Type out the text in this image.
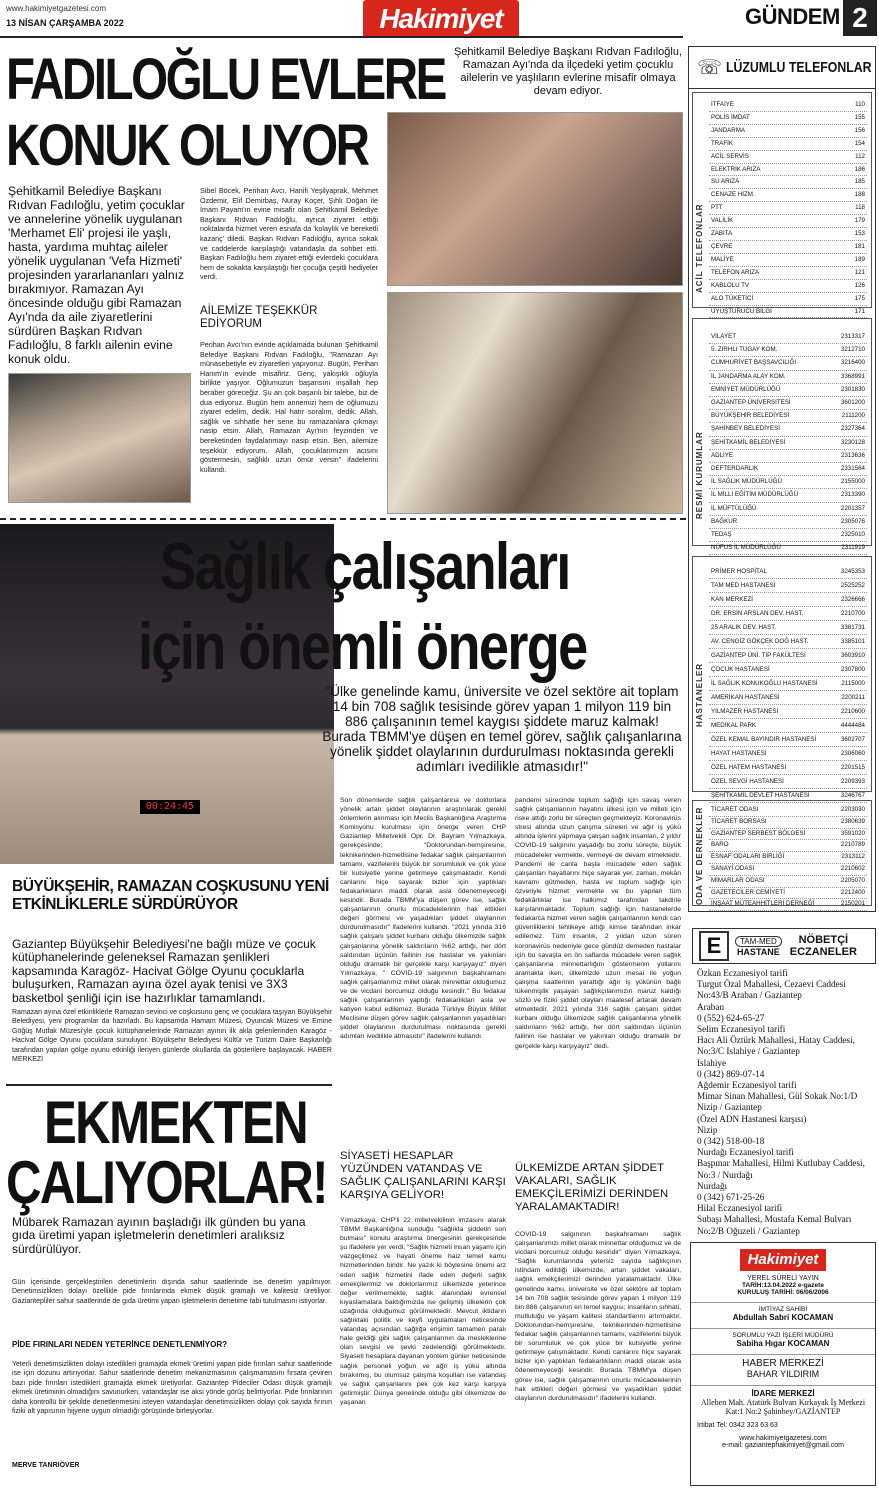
www.hakimiyetgazetesi.com
13 NİSAN ÇARŞAMBA 2022	Hakimiyet	GÜNDEM 2
FADILOĞLU EVLERE
KONUK OLUYOR
Şehitkamil Belediye Başkanı Rıdvan Fadıloğlu, Ramazan Ayı'nda da ilçedeki yetim çocuklu ailelerin ve yaşlıların evlerine misafir olmaya devam ediyor.
Şehitkamil Belediye Başkanı Rıdvan Fadıloğlu, yetim çocuklar ve annelerine yönelik uygulanan 'Merhamet Eli' projesi ile yaşlı, hasta, yardıma muhtaç aileler yönelik uygulanan 'Vefa Hizmeti' projesinden yararlananları yalnız bırakmıyor. Ramazan Ayı öncesinde olduğu gibi Ramazan Ayı'nda da aile ziyaretlerini sürdüren Başkan Rıdvan Fadıloğlu, 8 farklı ailenin evine konuk oldu.
Sibel Böcek, Perihan Avcı, Hanifi Yeşilyaprak, Mehmet Özdemir, Elif Demirbaş, Nuray Koçer, Şıhlı Doğan ile İmam Payam'ın evine misafir olan Şehitkamil Belediye Başkanı Rıdvan Fadıloğlu, ayrıca ziyaret ettiği noktalarda hizmet veren esnafa da 'kolaylık ve bereketli kazanç' diledi. Başkan Rıdvan Fadıloğlu, ayrıca sokak ve caddelerde karşılaştığı vatandaşla da sohbet etti. Başkan Fadıloğlu hem ziyaret ettiği evlerdeki çocuklara hem de sokakta karşılaştığı her çocuğa çeşitli hediyeler verdi.
AİLEMİZE TEŞEKKÜR EDİYORUM
Perihan Avcı'nın evinde açıklamada bulunan Şehitkamil Belediye Başkanı Rıdvan Fadıloğlu, "Ramazan Ayı münasebetiyle ev ziyaretleri yapıyoruz. Bugün, Perihan Hanım'ın evinde misafiriz. Genç, yakışıklı oğluyla birlikte yaşıyor. Oğlumuzun başarısını inşallah hep beraber göreceğiz. Şu an çok başarılı bir talebe, biz de dua ediyoruz. Bugün hem annemizi hem de oğlumuzu ziyaret edelim, dedik. Hal hatır soralım, dedik. Allah, sağlık ve sıhhatle her sene bu ramazanlara çıkmayı nasip etsin. Allah, Ramazan Ayı'nın feyzinden ve bereketinden faydalanmayı nasip etsin. Ben, ailemize teşekkür ediyorum. Allah, çocuklarımızın acısını göstermesin, sağlıklı uzun ömür versin" ifadelerini kullandı.
00:24:45
Sağlık çalışanları
için önemli önerge
"Ülke genelinde kamu, üniversite ve özel sektöre ait toplam 14 bin 708 sağlık tesisinde görev yapan 1 milyon 119 bin 886 çalışanının temel kaygısı şiddete maruz kalmak! Burada TBMM'ye düşen en temel görev, sağlık çalışanlarına yönelik şiddet olaylarının durdurulması noktasında gerekli adımları ivedilikle atmasıdır!"
Son dönemlerde sağlık çalışanlarına ve doktorlara yönelik artan şiddet olaylarının araştırılarak gerekli önlemlerin alınması için Meclis Başkanlığına Araştırma Komisyonu kurulması için önerge veren CHP Gaziantep Milletvekili Opr. Dr. Bayram Yılmazkaya, gerekçesinde; "Doktorundan-hemşiresine, teknikerinden-hizmetlisine fedakar sağlık çalışanlarının tamamı, vazifelerini büyük bir sorumluluk ve çok yüce bir kutsiyetle yerine getirmeye çalışmaktadır. Kendi canlarını hiçe sayarak bizler için yaptıkları fedakarlıkların maddi olarak asla ödenemeyeceği kesindir. Burada TBMM'ya düşen görev ise, sağlık çalışanlarının onurlu mücadelelerinin hak ettikleri değeri görmesi ve yaşadıkları şiddet olaylarının durdurulmasıdır" ifadelerini kullandı. "2021 yılında 316 sağlık çalışanı şiddet kurbanı olduğu ülkemizde sağlık çalışanlarına yönelik saldırıların %62 arttığı, her dört saldırıdan üçünün failinin ise hastalar ve yakınları olduğu dramatik bir gerçekle karşı karşıyayız" diyen Yılmazkaya, " COVID-19 salgınının başkahramanı sağlık çalışanlarımız millet olarak minnettar olduğumuz ve de vicdani borcumuz olduğu kesindir." Bu fedakar sağlık çalışanlarının yaptığı fedakarlıkları asla ve katiyen kabul edilemez. Burada Türkiye Büyük Millet Meclisine düşen görev sağlık çalışanlarının yaşadıkları şiddet olaylarının durdurulması noktasında gerekli adımları ivedilikle atmasıdır" ifadelerini kullandı.
SİYASETİ HESAPLAR YÜZÜNDEN VATANDAŞ VE SAĞLIK ÇALIŞANLARINI KARŞI KARŞIYA GELİYOR!
Yılmazkaya, CHP'li 22 milletvekilinin imzasını alarak TBMM Başkanlığına sunduğu "sağlıkta şiddetin son bulması" konulu araştırma önergesinin gerekçesinde şu ifadelere yer verdi; "Sağlık hizmeti insan yaşamı için vazgeçilmez ve hayati öneme haiz temel kamu hizmetlerinden biridir. Ne yazık ki böylesine önemi arz eden sağlık hizmetini ifade eden değerli sağlık emekçilerimiz ve doktorlarımız ülkemizde yeterince değer verilmemekte, sağlık alanındaki evrensel kıyaslamalara baktığımızda ise gelişmiş ülkelerin çok uzağında olduğumuz görülmektedir. Mevcut iktidarın sağlıktaki politik ve keyfi uygulamaları neticesinde vatandaş açısından sağlığa erişimin tamamen paralı hale geldiği gibi sağlık çalışanlarının da mesleklerine olan sevgisi ve şevki zedelendiği görülmektedir. Siyaseti hesaplara dayanan yöntem günler neticesinde sağlık personeli yoğun ve ağır iş yükü altında bırakılmış, bu olumsuz çalışma koşulları ise vatandaş ve sağlık çalışanlarını pek çok kez karşı karşıya getirmiştir. Dünya genelinde olduğu gibi ülkemizde de yaşanan
pandemi sürecinde toplum sağlığı için savaş veren sağlık çalışanlarının hayatını ülkesi için ve milleti için riske attığı zorlu bir süreçten geçmekteyiz. Koronavirüs stresi altında uzun çalışma süreleri ve ağır iş yükü altında işlerini yapmaya çalışan sağlık insanları, 2 yıldır COVID-19 salgınını yaşadığı bu zorlu süreçte, büyük mücadeleler vermekte, vermeye de devam etmektedir. Pandemi ile canla başla mücadele eden sağlık çalışanları hayatlarını hiçe sayarak yer, zaman, mekân kavramı gütmeden, hasta ve toplum sağlığı için özveriyle hizmet vermekte ve bu yapılan tüm fedakârlıklar ise halkımız tarafından takdirle karşılanmaktadır. Toplum sağlığı için hastanelerde fedakarca hizmet veren sağlık çalışanlarının kendi can güvenliklerini tehlikeye attığı kimse tarafından inkar edilemez. Tüm insanlık, 2 yıldan uzun süren koronavirüs nedeniyle gece gündüz demeden hastalar için bu savaşta en ön saflarda mücadele veren sağlık çalışanlarına minnettarlığını göstermenin yollarını aramakta iken, ülkemizde uzun mesai ile yoğun çalışma saatlerinin yarattığı ağır iş yükünün bağlı tükenmişlik yaşayan sağlıkçılarımızın maruz kaldığı sözlü ve fiziki şiddet olayları maalesef artarak devam etmektedir. 2021 yılında 316 sağlık çalışanı şiddet kurbanı olduğu ülkemizde sağlık çalışanlarına yönelik saldırıların %62 arttığı, her dört saldırıdan üçünün failinin ise hastalar ve yakınları olduğu dramatik bir gerçekle karşı karşıyayız" dedi.
ÜLKEMİZDE ARTAN ŞİDDET VAKALARI, SAĞLIK EMEKÇİLERİMİZİ DERİNDEN YARALAMAKTADIR!
COVID-19 salgınının başkahramanı sağlık çalışanlarımızı millet olarak minnettar olduğumuz ve de vicdani borcumuz olduğu kesindir" diyen Yılmazkaya, "Sağlık kurumlarında yetersiz sayıda sağlıkçının istihdam edildiği ülkemizde, artan şiddet vakaları, sağlık emekçilerimizi derinden yaralamaktadır. Ülke genelinde kamu, üniversite ve özel sektöre ait toplam 14 bin 708 sağlık tesisinde görev yapan 1 milyon 119 bin 886 çalışanının en temel kaygısı; insanların sıhhati, mutluluğu ve yaşam kalitesi standartlarını artırmaktır. Doktorundan-hemşiresine, teknikerinden-hizmetlisine fedakar sağlık çalışanlarının tamamı, vazifelerini büyük bir sorumluluk ve çok yüce bir kutsiyetle yerine getirmeye çalışmaktadır. Kendi canlarını hiçe sayarak bizler için yaptıkları fedakarlıkların maddi olarak asla ödenemeyeceği kesindir. Burada TBMM'ya düşen görev ise, sağlık çalışanlarının onurlu mücadelelerinin hak ettikleri değeri görmesi ve yaşadıkları şiddet olaylarının durdurulmasıdır" ifadelerini kullandı.
BÜYÜKŞEHİR, RAMAZAN COŞKUSUNU YENİ ETKİNLİKLERLE SÜRDÜRÜYOR
Gaziantep Büyükşehir Belediyesi'ne bağlı müze ve çocuk kütüphanelerinde geleneksel Ramazan şenlikleri kapsamında Karagöz- Hacivat Gölge Oyunu çocuklarla buluşurken, Ramazan ayına özel ayak tenisi ve 3X3 basketbol şenliği için ise hazırlıklar tamamlandı.
Ramazan ayına özel etkinliklerle Ramazan sevinci ve coşkusunu genç ve çocuklara taşıyan Büyükşehir Belediyesi, yeni programlar da hazırladı. Bu kapsamda Hamam Müzesi, Oyuncak Müzesi ve Emine Göğüş Mutfak Müzesi'yle çocuk kütüphanelerinde Ramazan ayının ilk akla gelenlerinden Karagöz - Hacivat Gölge Oyunu çocuklara sunuluyor. Büyükşehir Belediyesi Kültür ve Turizm Daire Başkanlığı tarafından yapılan gölge oyunu etkinliği ileriyen günlerde okullarda da gösterilere başlayacak. HABER MERKEZİ
EKMEKTEN
ÇALIYORLAR!
Mübarek Ramazan ayının başladığı ilk günden bu yana gıda üretimi yapan işletmelerin denetimleri aralıksız sürdürülüyor.
Gün içerisinde gerçekleştirilen denetimlerin dışında sahur saatlerinde ise denetim yapılmıyor. Denetimsizlikten dolayı özellikle pide fırınlarında ekmek düşük gramajlı ve kalitesiz üretiliyor. Gaziantepliler sahur saatlerinde de gıda üretimi yapan işletmelerin denetime tabi tutulmasını istiyorlar.
PİDE FIRINLARI NEDEN YETERİNCE DENETLENMİYOR?
Yeterli denetimsizlikten dolayı istedikleri gramajda ekmek üretimi yapan pide fırınları sahur saatlerinde ise için dozunu artırıyorlar. Sahur saatlerinde denetim mekanizmasının çalışmamasını fırsata çeviren bazı pide fırınları istedikleri gramajda ekmek üretiyorlar. Gaziantep Pideciler Odası düşük gramajlı ekmek üretiminin olmadığını savunurken, vatandaşlar ise aksi yönde görüş belirtiyorlar. Pide fırınlarının daha kontrollü bir şekilde denetlenmesini isteyen vatandaşlar denetimsizlikten dolayı çok sayıda fırının fiziki alt yapısının hijyene uygun olmadığı görüşünde birleşiyorlar.
MERVE TANRIÖVER
☏ LÜZUMLU TELEFONLAR
ACİL TELEFONLAR
İTFAİYE	110
POLİS İMDAT	155
JANDARMA	156
TRAFİK	154
ACİL SERVİS	112
ELEKTRİK ARIZA	186
SU ARIZA	185
CENAZE HİZM.	188
PTT	118
VALİLİK	179
ZABITA	153
ÇEVRE	181
MALİYE	189
TELEFON ARIZA	121
KABLOLU TV	126
ALO TÜKETİCİ	175
UYUŞTURUCU BİLGİ	171
RESMİ KURUMLAR
VİLAYET	2313317
5. ZIRHLI TUGAY KOM.	3212710
CUMHURİYET BAŞSAVCILIĞI	3216400
İL JANDARMA ALAY KOM.	3368991
EMNİYET MÜDÜRLÜĞÜ	2301830
GAZİANTEP ÜNİVERSİTESİ	3601200
BÜYÜKŞEHİR BELEDİYESİ	2111200
ŞAHİNBEY BELEDİYESİ	2327364
ŞEHİTKAMİL BELEDİYESİ	3230128
ADLİYE	2313636
DEFTERDARLIK	2331564
İL SAĞLIK MÜDÜRLÜĞÜ	2155000
İL MİLLİ EĞİTİM MÜDÜRLÜĞÜ	2313390
İL MÜFTÜLÜĞÜ	2201357
BAĞKUR	2305076
TEDAŞ	2325010
NÜFUS İL MÜDÜRLÜĞÜ	2311919
HASTANELER
PRİMER HOSPİTAL	3245353
TAM MED HASTANESİ	2525252
KAN MERKEZİ	2326666
DR. ERSİN ARSLAN DEV. HAST.	2210700
25 ARALIK DEV. HAST.	3381731
AV. CENGİZ GÖKÇEK DOĞ HAST.	3385101
GAZİANTEP ÜNİ. TIP FAKÜLTESİ	3603910
ÇOCUK HASTANESİ	2307800
İL SAĞLIK KONUKOĞLU HASTANESİ	2115000
AMERİKAN HASTANESİ	2200211
YILMAZER HASTANESİ	2210600
MEDİKAL PARK	4444484
ÖZEL KEMAL BAYINDIR HASTANESİ	3602707
HAYAT HASTANESİ	2306060
ÖZEL HATEM HASTANESİ	2201515
ÖZEL SEVGİ HASTANESİ	2209393
ŞEHİTKAMİL DEVLET HASTANESİ	3246767
ODA VE DERNEKLER TİCARET ODASI	2203030
TİCARET BORSASI	2380639
GAZİANTEP SERBEST BÖLGESİ	3591020
BARO	2210789
ESNAF ODALARI BİRLİĞİ	2313112
SANAYİ ODASI	2210602
MİMARLAR ODASI	2205070
GAZETECİLER CEMİYETİ	2212400
İNŞAAT MÜTEAHHİTLERİ DERNEĞİ	2150201
E	TAM-MED
HASTANE
NÖBETÇİ
ECZANELER
Özkan Eczanesiyol tarifi
Turgut Özal Mahallesi, Cezaevi Caddesi No:43/B Araban / Gaziantep
Araban
0 (552) 624-65-27
Selim Eczanesiyol tarifi
Hacı Ali Öztürk Mahallesi, Hatay Caddesi, No:3/C Islahiye / Gaziantep
Islahiye
0 (342) 869-07-14
Ağdemir Eczanesiyol tarifi
Mimar Sinan Mahallesi, Gül Sokak No:1/D Nizip / Gaziantep
(Özel ADN Hastanesi karşısı)
Nizip
0 (342) 518-00-18
Nurdağı Eczanesiyol tarifi
Başpınar Mahallesi, Hilmi Kutlubay Caddesi, No:3 / Nurdağı
Nurdağı
0 (342) 671-25-26
Hilal Eczanesiyol tarifi
Subaşı Mahallesi, Mustafa Kemal Bulvarı No:2/B Oğuzeli / Gaziantep
Hakimiyet
YEREL SÜRELİ YAYIN
TARİH:13.04.2022 e-gazete
KURULUŞ TARİHİ: 06/06/2006
İMTİYAZ SAHİBİ
Abdullah Sabri KOCAMAN
SORUMLU YAZI İŞLERİ MÜDÜRÜ
Sabiha Hıgar KOCAMAN
HABER MERKEZİ
BAHAR YILDIRIM
İDARE MERKEZİ
Alleben Mah. Atatürk Bulvarı Kırkayak İş Merkezi Kat:1 No:2 Şahinbey/GAZİANTEP
İrtibat Tel: 0342 323 63 63
www.hakimiyetgazetesi.com
e-mail: gaziantephakimiyet@gmail.com
